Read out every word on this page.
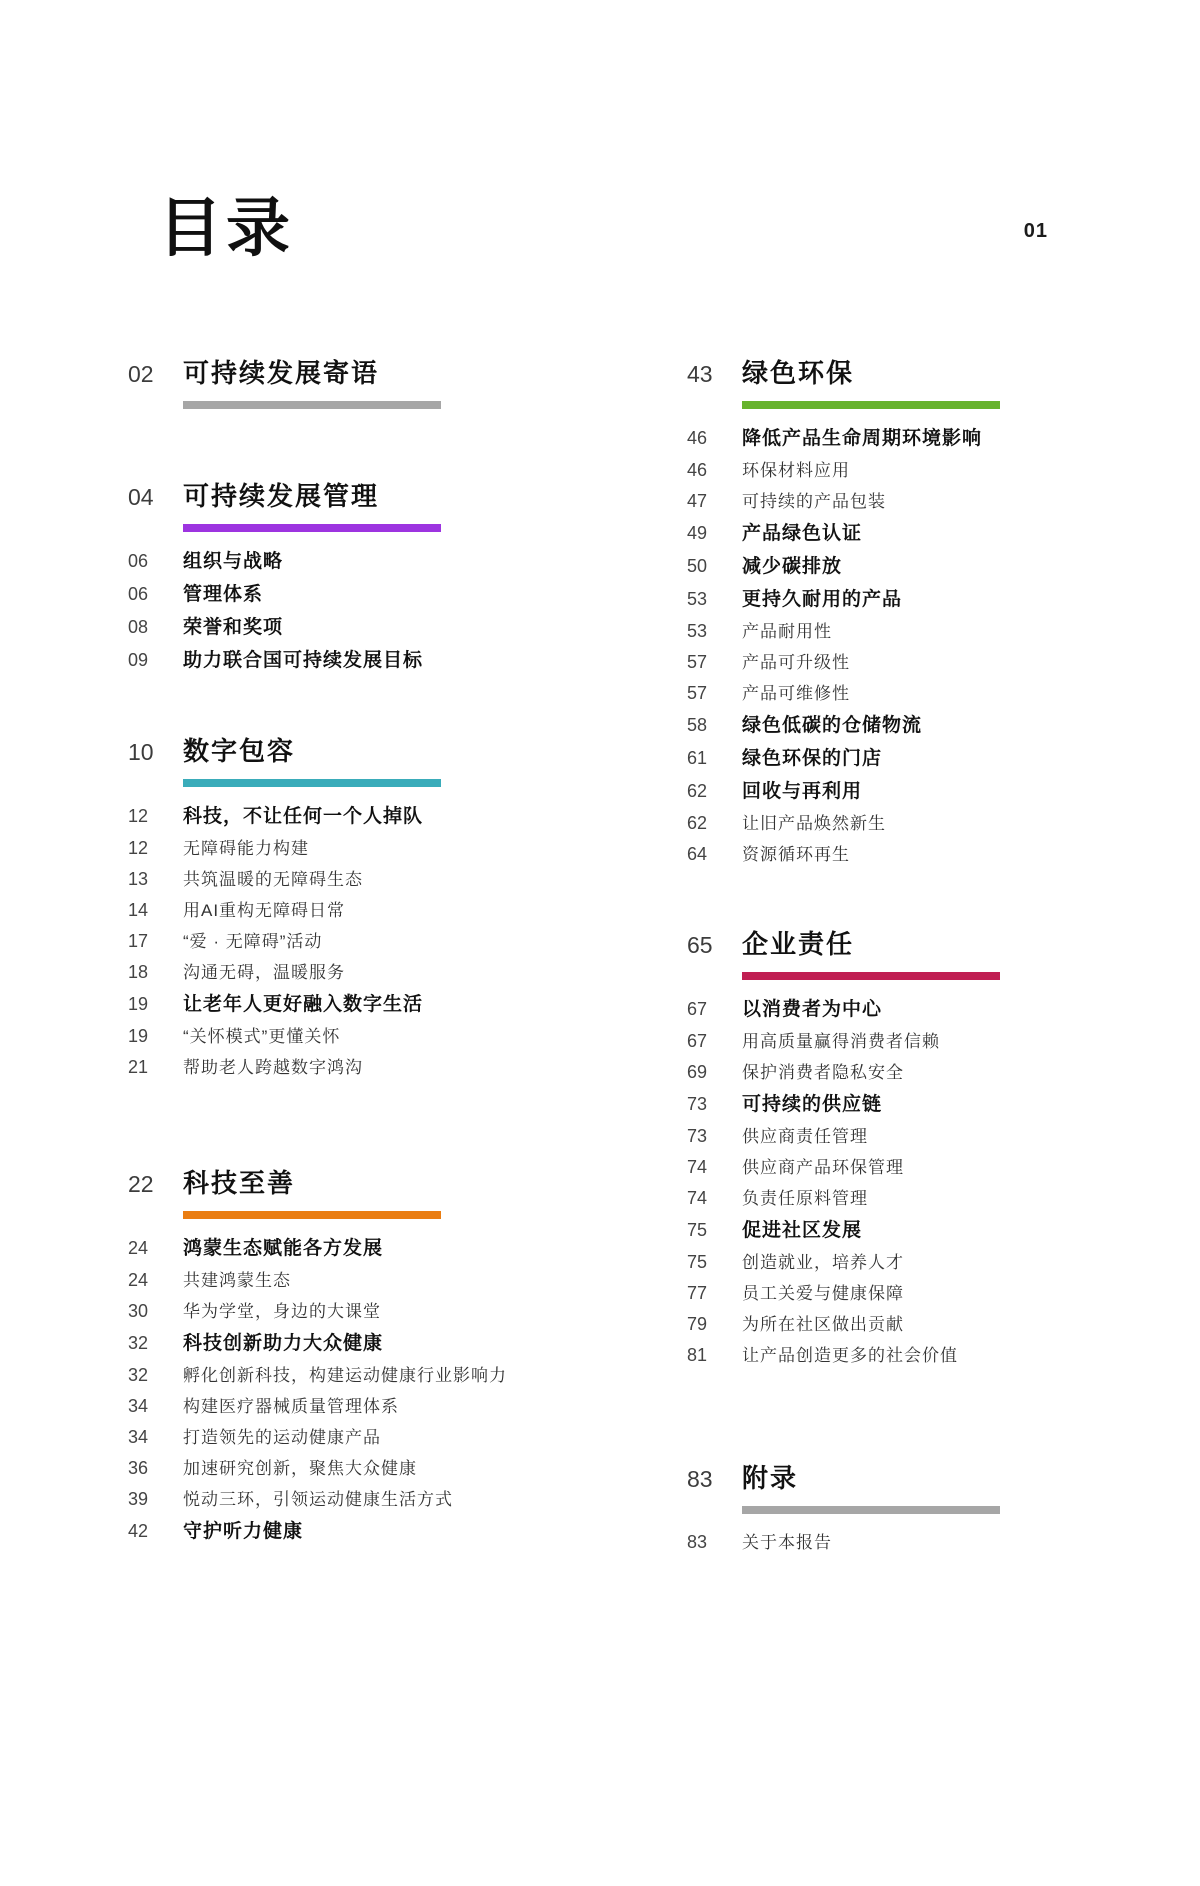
01
目录
02	可持续发展寄语
04	可持续发展管理
06	组织与战略
06	管理体系
08	荣誉和奖项
09	助力联合国可持续发展目标
10	数字包容
12	科技，不让任何一个人掉队
12	无障碍能力构建
13	共筑温暖的无障碍生态
14	用AI重构无障碍日常
17	“爱 · 无障碍”活动
18	沟通无碍，温暖服务
19	让老年人更好融入数字生活
19	“关怀模式”更懂关怀
21	帮助老人跨越数字鸿沟
22	科技至善
24	鸿蒙生态赋能各方发展
24	共建鸿蒙生态
30	华为学堂，身边的大课堂
32	科技创新助力大众健康
32	孵化创新科技，构建运动健康行业影响力
34	构建医疗器械质量管理体系
34	打造领先的运动健康产品
36	加速研究创新，聚焦大众健康
39	悦动三环，引领运动健康生活方式
42	守护听力健康
43	绿色环保
46	降低产品生命周期环境影响
46	环保材料应用
47	可持续的产品包装
49	产品绿色认证
50	减少碳排放
53	更持久耐用的产品
53	产品耐用性
57	产品可升级性
57	产品可维修性
58	绿色低碳的仓储物流
61	绿色环保的门店
62	回收与再利用
62	让旧产品焕然新生
64	资源循环再生
65	企业责任
67	以消费者为中心
67	用高质量赢得消费者信赖
69	保护消费者隐私安全
73	可持续的供应链
73	供应商责任管理
74	供应商产品环保管理
74	负责任原料管理
75	促进社区发展
75	创造就业，培养人才
77	员工关爱与健康保障
79	为所在社区做出贡献
81	让产品创造更多的社会价值
83	附录
83	关于本报告
